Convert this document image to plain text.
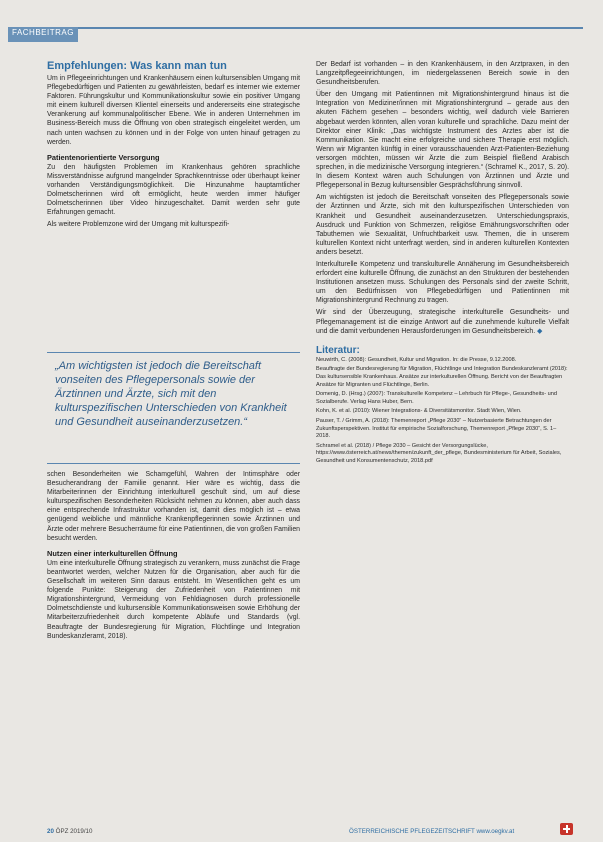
FACHBEITRAG
Empfehlungen: Was kann man tun

Um in Pflegeeinrichtungen und Krankenhäusern einen kultursensiblen Umgang mit Pflegebedürftigen und Patienten zu gewährleisten, bedarf es interner wie externer Faktoren. Führungskultur und Kommunikationskultur sowie ein positiver Umgang mit einem kulturell diversen Klientel einerseits und andererseits eine strategische Verankerung auf kommunalpolitischer Ebene. Wie in anderen Unternehmen im Business-Bereich muss die Öffnung von oben strategisch eingeleitet werden, um nach unten wachsen zu können und in der Folge von unten hinauf getragen zu werden.

Patientenorientierte Versorgung

Zu den häufigsten Problemen im Krankenhaus gehören sprachliche Missverständnisse aufgrund mangelnder Sprachkenntnisse oder überhaupt keiner vorhanden Verständigungsmöglichkeit. Die Hinzunahme hauptamtlicher Dolmetscherinnen wird oft ermöglicht, heute werden immer häufiger Dolmetscherinnen über Video hinzugeschaltet. Damit werden sehr gute Erfahrungen gemacht.

Als weitere Problemzone wird der Umgang mit kulturspezifi-

„Am wichtigsten ist jedoch die Bereitschaft vonseiten des Pflegepersonals sowie der Ärztinnen und Ärzte, sich mit den kulturspezifischen Unterschieden von Krankheit und Gesundheit auseinanderzusetzen.“

schen Besonderheiten wie Schamgefühl, Wahren der Intimsphäre oder Besucherandrang der Familie genannt. Hier wäre es wichtig, dass die Mitarbeiterinnen der Einrichtung interkulturell geschult sind, um auf diese kulturspezifischen Besonderheiten Rücksicht nehmen zu können, aber auch dass eine entsprechende Infrastruktur vorhanden ist, damit dies möglich ist – etwa genügend weibliche und männliche Krankenpflegerinnen sowie Ärztinnen und Ärzte oder mehrere Besucherräume für eine Patientinnen, die von großen Familien besucht werden.

Nutzen einer interkulturellen Öffnung

Um eine interkulturelle Öffnung strategisch zu verankern, muss zunächst die Frage beantwortet werden, welcher Nutzen für die Organisation, aber auch für die Gesellschaft im weiteren Sinn daraus entsteht. Im Wesentlichen geht es um folgende Punkte: Steigerung der Zufriedenheit von Patientinnen mit Migrationshintergrund, Vermeidung von Fehldiagnosen durch professionelle Dolmetschdienste und kultursensible Kommunikationsweisen sowie Erhöhung der Mitarbeiterzufriedenheit durch kompetente Abläufe und Standards (vgl. Beauftragte der Bundesregierung für Migration, Flüchtlinge und Integration Bundeskanzleramt, 2018).

Der Bedarf ist vorhanden – in den Krankenhäusern, in den Arztpraxen, in den Langzeitpflegeeinrichtungen, im niedergelassenen Bereich sowie in den Gesundheitsberufen.

Über den Umgang mit Patientinnen mit Migrationshintergrund hinaus ist die Integration von Mediziner/innen mit Migrationshintergrund – gerade aus den akuten Fächern gesehen – besonders wichtig, weil dadurch viele Barrieren abgebaut werden könnten, allen voran kulturelle und sprachliche. Dazu meint der Direktor einer Klinik: „Das wichtigste Instrument des Arztes aber ist die Kommunikation. Sie macht eine erfolgreiche und sichere Therapie erst möglich. Wenn wir Migranten künftig in einer vorausschauenden Arzt-Patienten-Beziehung versorgen möchten, müssen wir Ärzte die zum Beispiel fließend Arabisch sprechen, in die medizinische Versorgung integrieren.“ (Schramel K., 2017, S. 20). In diesem Kontext wären auch Schulungen von Ärztinnen und Ärzte und Pflegepersonal in Bezug kultursensibler Gesprächsführung sinnvoll.

Am wichtigsten ist jedoch die Bereitschaft vonseiten des Pflegepersonals sowie der Ärztinnen und Ärzte, sich mit den kulturspezifischen Unterschieden von Krankheit und Gesundheit auseinanderzusetzen. Unterschiedungspraxis, Ausdruck und Funktion von Schmerzen, religiöse Ernährungsvorschriften oder Tabuthemen wie Sexualität, Unfruchtbarkeit usw. Themen, die in unserem kulturellen Kontext nicht unterfragt werden, sind in anderen kulturellen Kontexten anders besetzt.

Interkulturelle Kompetenz und transkulturelle Annäherung im Gesundheitsbereich erfordert eine kulturelle Öffnung, die zunächst an den Strukturen der bestehenden Institutionen ansetzen muss. Schulungen des Personals sind der zweite Schritt, um den Bedürfnissen von Pflegebedürftigen und Patientinnen mit Migrationshintergrund Rechnung zu tragen.

Wir sind der Überzeugung, strategische interkulturelle Gesundheits- und Pflegemanagement ist die einzige Antwort auf die zunehmende kulturelle Vielfalt und die damit verbundenen Herausforderungen im Gesundheitsbereich. ◆

Literatur:

Neuwirth, C. (2008): Gesundheit, Kultur und Migration. In: die Presse, 9.12.2008.

Beauftragte der Bundesregierung für Migration, Flüchtlinge und Integration Bundeskanzleramt (2018): Das kultursensible Krankenhaus. Ansätze zur interkulturellen Öffnung. Bericht von der Beauftragten Ansätze für Migranten und Flüchtlinge, Berlin.

Domenig, D. (Hrsg.) (2007): Transkulturelle Kompetenz – Lehrbuch für Pflege-, Gesundheits- und Sozialberufe. Verlag Hans Huber, Bern.

Kohn, K. et al. (2010): Wiener Integrations- & Diversitätsmonitor. Stadt Wien, Wien.

Pauser, T. / Grimm, A. (2018): Themenreport „Pflege 2030“ – Nutzerbasierte Betrachtungen der Zukunftsperspektiven. Institut für empirische Sozialforschung, Themenreport „Pflege 2030“, S. 1–2018.

Schramel et al. (2018) / Pflege 2030 – Gesicht der Versorgungslücke, https://www.österreich.at/news/themen/zukunft_der_pflege, Bundesministerium für Arbeit, Soziales, Gesundheit und Konsumentenschutz, 2018.pdf

20 ÖPZ 2019/10	ÖSTERREICHISCHE PFLEGEZEITSCHRIFT www.oegkv.at
